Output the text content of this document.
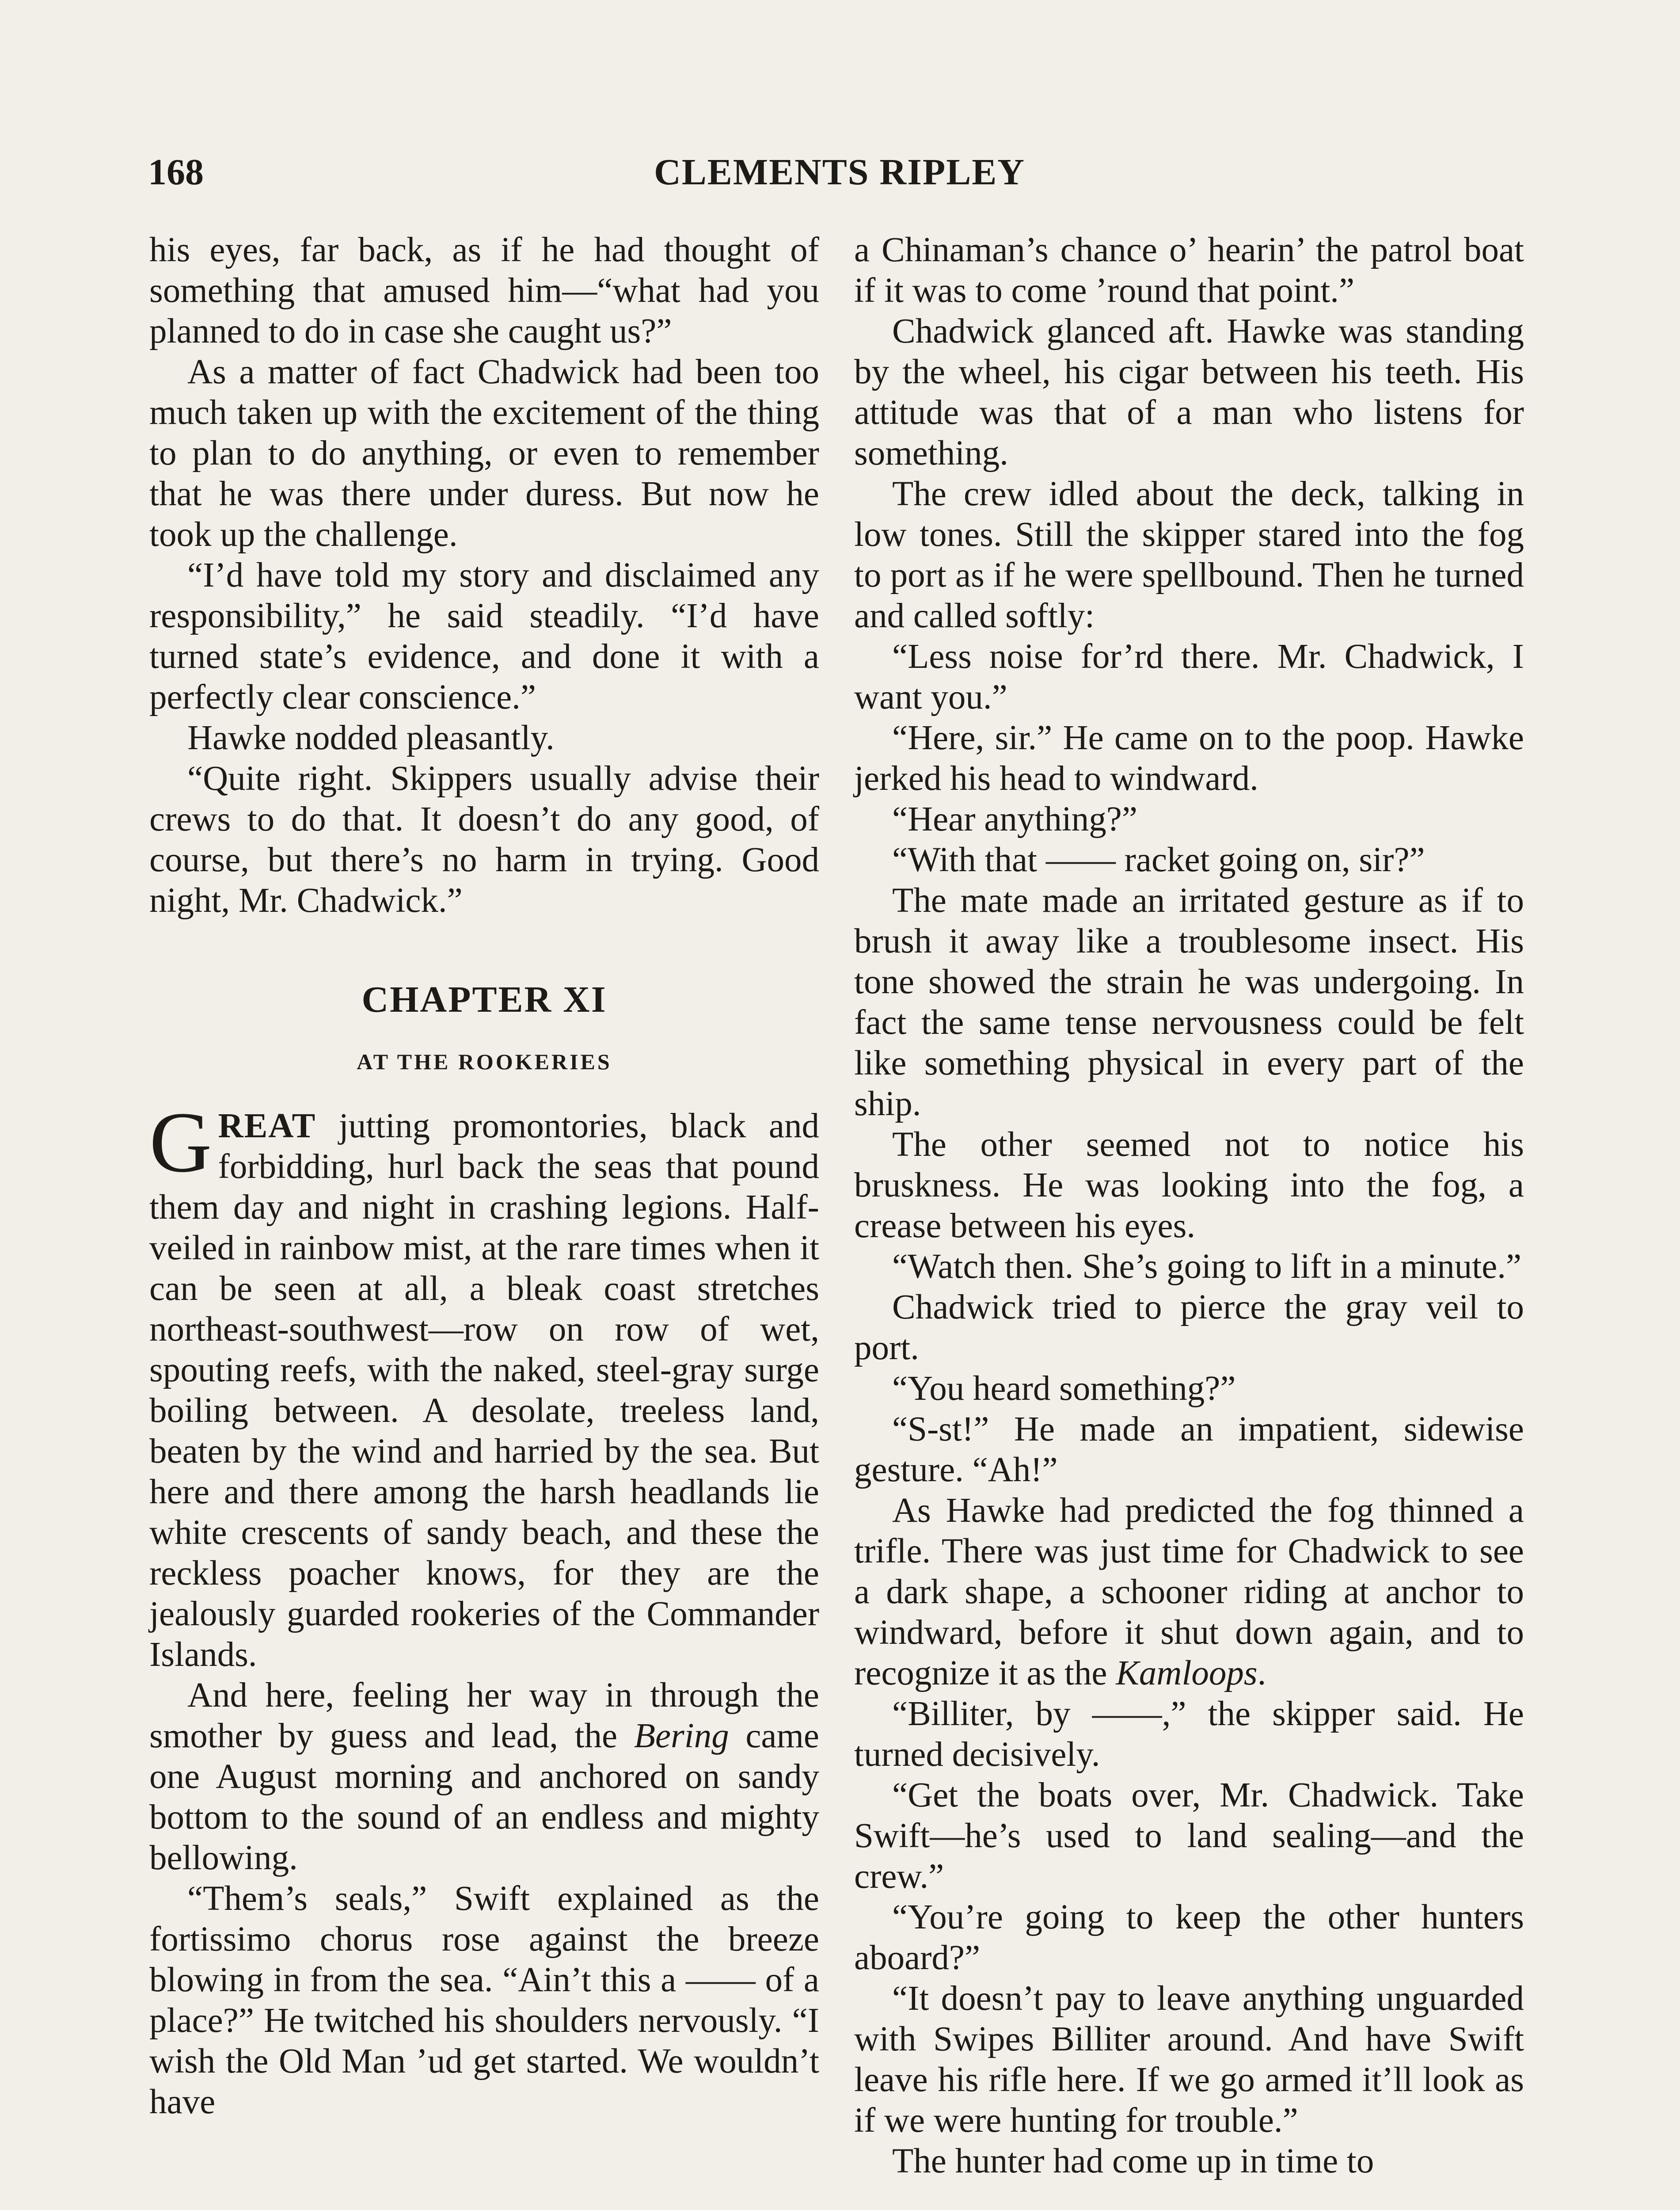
168	CLEMENTS RIPLEY

his eyes, far back, as if he had thought of something that amused him—“what had you planned to do in case she caught us?”

As a matter of fact Chadwick had been too much taken up with the excitement of the thing to plan to do anything, or even to remember that he was there under duress. But now he took up the challenge.

“I’d have told my story and disclaimed any responsibility,” he said steadily. “I’d have turned state’s evidence, and done it with a perfectly clear conscience.”

Hawke nodded pleasantly.

“Quite right. Skippers usually advise their crews to do that. It doesn’t do any good, of course, but there’s no harm in trying. Good night, Mr. Chadwick.”

CHAPTER XI
AT THE ROOKERIES

GREAT jutting promontories, black and forbidding, hurl back the seas that pound them day and night in crashing legions. Half-veiled in rainbow mist, at the rare times when it can be seen at all, a bleak coast stretches northeast-southwest—row on row of wet, spouting reefs, with the naked, steel-gray surge boiling between. A desolate, treeless land, beaten by the wind and harried by the sea. But here and there among the harsh headlands lie white crescents of sandy beach, and these the reckless poacher knows, for they are the jealously guarded rookeries of the Commander Islands.

And here, feeling her way in through the smother by guess and lead, the Bering came one August morning and anchored on sandy bottom to the sound of an endless and mighty bellowing.

“Them’s seals,” Swift explained as the fortissimo chorus rose against the breeze blowing in from the sea. “Ain’t this a —— of a place?” He twitched his shoulders nervously. “I wish the Old Man ’ud get started. We wouldn’t have

a Chinaman’s chance o’ hearin’ the patrol boat if it was to come ’round that point.”

Chadwick glanced aft. Hawke was standing by the wheel, his cigar between his teeth. His attitude was that of a man who listens for something.

The crew idled about the deck, talking in low tones. Still the skipper stared into the fog to port as if he were spellbound. Then he turned and called softly:

“Less noise for’rd there. Mr. Chadwick, I want you.”

“Here, sir.” He came on to the poop. Hawke jerked his head to windward.

“Hear anything?”

“With that —— racket going on, sir?”

The mate made an irritated gesture as if to brush it away like a troublesome insect. His tone showed the strain he was undergoing. In fact the same tense nervousness could be felt like something physical in every part of the ship.

The other seemed not to notice his bruskness. He was looking into the fog, a crease between his eyes.

“Watch then. She’s going to lift in a minute.”

Chadwick tried to pierce the gray veil to port.

“You heard something?”

“S-st!” He made an impatient, sidewise gesture. “Ah!”

As Hawke had predicted the fog thinned a trifle. There was just time for Chadwick to see a dark shape, a schooner riding at anchor to windward, before it shut down again, and to recognize it as the Kamloops.

“Billiter, by ——,” the skipper said. He turned decisively.

“Get the boats over, Mr. Chadwick. Take Swift—he’s used to land sealing—and the crew.”

“You’re going to keep the other hunters aboard?”

“It doesn’t pay to leave anything unguarded with Swipes Billiter around. And have Swift leave his rifle here. If we go armed it’ll look as if we were hunting for trouble.”

The hunter had come up in time to
